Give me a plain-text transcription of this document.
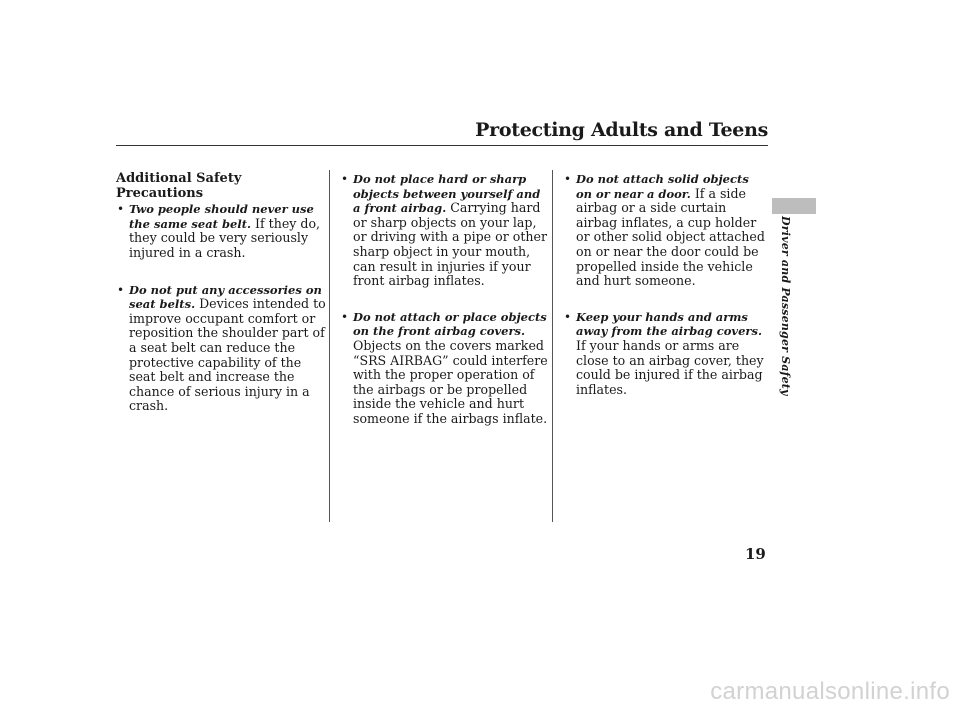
Protecting Adults and Teens
Driver and Passenger Safety
Additional Safety Precautions

• Two people should never use the same seat belt. If they do, they could be very seriously injured in a crash.

• Do not put any accessories on seat belts. Devices intended to improve occupant comfort or reposition the shoulder part of a seat belt can reduce the protective capability of the seat belt and increase the chance of serious injury in a crash.

• Do not place hard or sharp objects between yourself and a front airbag. Carrying hard or sharp objects on your lap, or driving with a pipe or other sharp object in your mouth, can result in injuries if your front airbag inflates.

• Do not attach or place objects on the front airbag covers. Objects on the covers marked “SRS AIRBAG” could interfere with the proper operation of the airbags or be propelled inside the vehicle and hurt someone if the airbags inflate.

• Do not attach solid objects on or near a door. If a side airbag or a side curtain airbag inflates, a cup holder or other solid object attached on or near the door could be propelled inside the vehicle and hurt someone.

• Keep your hands and arms away from the airbag covers. If your hands or arms are close to an airbag cover, they could be injured if the airbag inflates.

19
carmanualsonline.info
